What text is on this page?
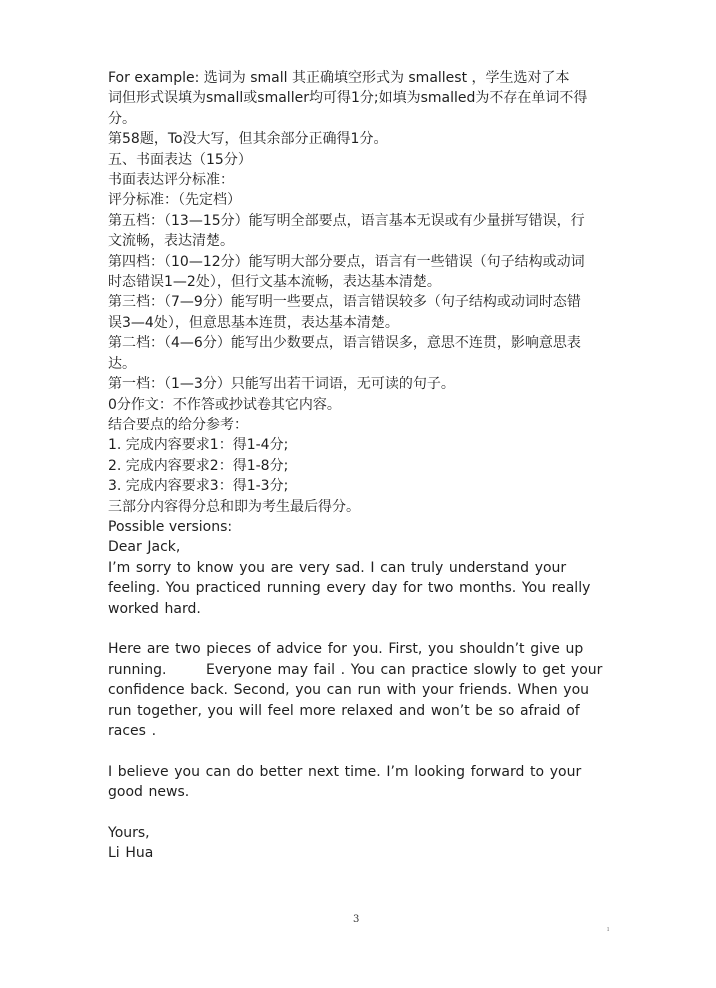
For example: 选词为 small 其正确填空形式为 smallest ，学生选对了本
词但形式误填为small或smaller均可得1分;如填为smalled为不存在单词不得
分。
第58题，To没大写，但其余部分正确得1分。
五、书面表达（15分）
书面表达评分标准：
评分标准：（先定档）
第五档：（13—15分）能写明全部要点，语言基本无误或有少量拼写错误，行
文流畅，表达清楚。
第四档：（10—12分）能写明大部分要点，语言有一些错误（句子结构或动词
时态错误1—2处），但行文基本流畅，表达基本清楚。
第三档：（7—9分）能写明一些要点，语言错误较多（句子结构或动词时态错
误3—4处），但意思基本连贯，表达基本清楚。
第二档：（4—6分）能写出少数要点，语言错误多，意思不连贯，影响意思表
达。
第一档：（1—3分）只能写出若干词语，无可读的句子。
0分作文：不作答或抄试卷其它内容。
结合要点的给分参考：
1. 完成内容要求1：得1-4分;
2. 完成内容要求2：得1-8分;
3. 完成内容要求3：得1-3分;
三部分内容得分总和即为考生最后得分。
Possible versions:
Dear Jack,
I’m sorry to know you are very sad. I can truly understand your
feeling. You practiced running every day for two months. You really
worked hard.
Here are two pieces of advice for you. First, you shouldn’t give up
running.       Everyone may fail . You can practice slowly to get your
confidence back. Second, you can run with your friends. When you
run together, you will feel more relaxed and won’t be so afraid of
races .
I believe you can do better next time. I’m looking forward to your
good news.
Yours,
Li Hua
3
ı
